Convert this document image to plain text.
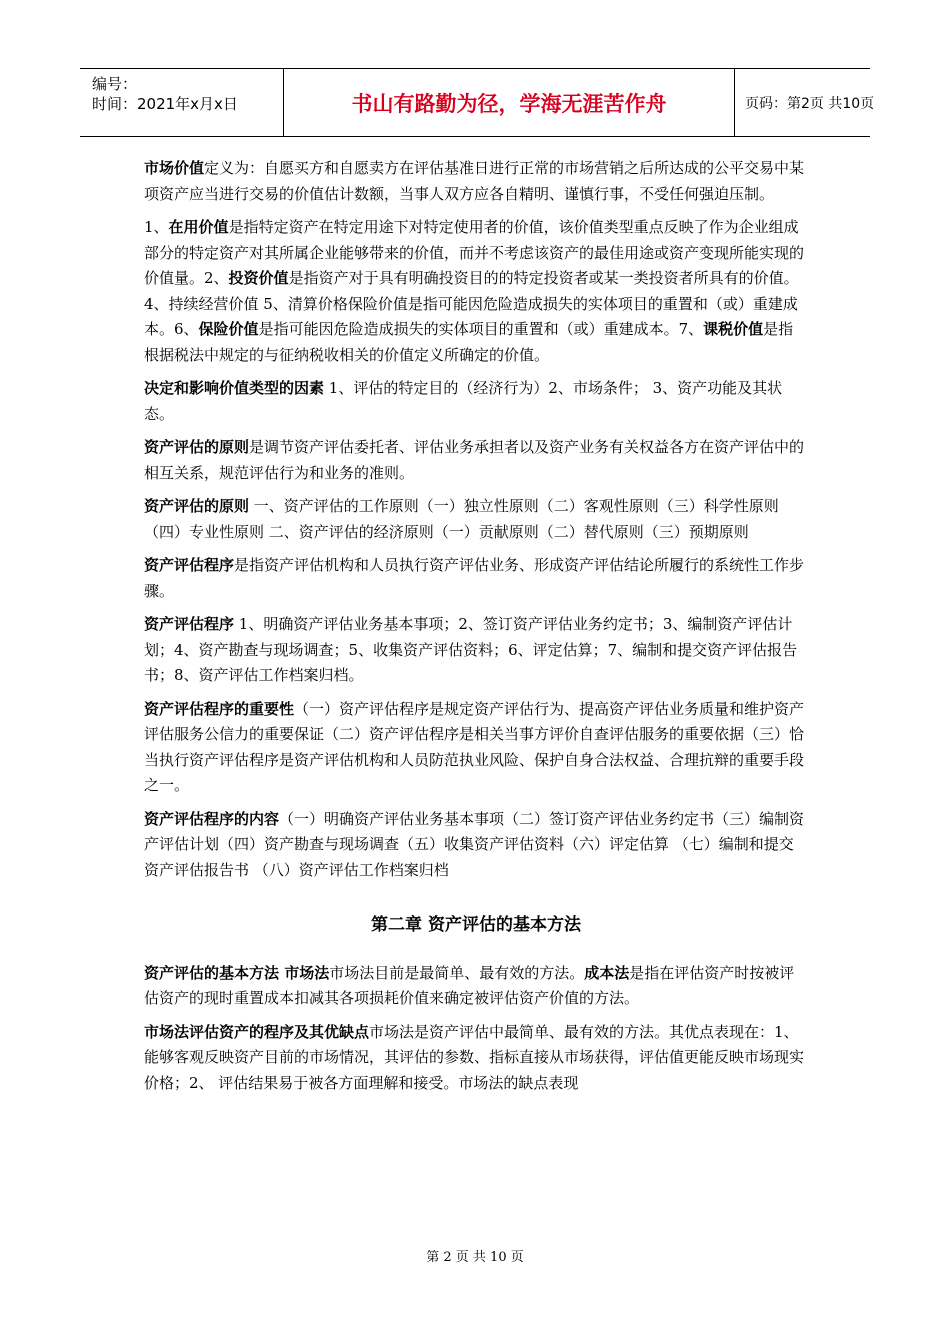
编号：
时间：2021年x月x日	书山有路勤为径，学海无涯苦作舟	页码：第2页 共10页

市场价值定义为：自愿买方和自愿卖方在评估基准日进行正常的市场营销之后所达成的公平交易中某项资产应当进行交易的价值估计数额，当事人双方应各自精明、谨慎行事，不受任何强迫压制。

1、在用价值是指特定资产在特定用途下对特定使用者的价值，该价值类型重点反映了作为企业组成部分的特定资产对其所属企业能够带来的价值，而并不考虑该资产的最佳用途或资产变现所能实现的价值量。2、投资价值是指资产对于具有明确投资目的的特定投资者或某一类投资者所具有的价值。4、持续经营价值 5、清算价格保险价值是指可能因危险造成损失的实体项目的重置和（或）重建成本。6、保险价值是指可能因危险造成损失的实体项目的重置和（或）重建成本。7、课税价值是指根据税法中规定的与征纳税收相关的价值定义所确定的价值。

决定和影响价值类型的因素 1、评估的特定目的（经济行为）2、市场条件； 3、资产功能及其状态。

资产评估的原则是调节资产评估委托者、评估业务承担者以及资产业务有关权益各方在资产评估中的相互关系，规范评估行为和业务的准则。

资产评估的原则 一、资产评估的工作原则（一）独立性原则（二）客观性原则（三）科学性原则（四）专业性原则 二、资产评估的经济原则（一）贡献原则（二）替代原则（三）预期原则

资产评估程序是指资产评估机构和人员执行资产评估业务、形成资产评估结论所履行的系统性工作步骤。

资产评估程序 1、明确资产评估业务基本事项；2、签订资产评估业务约定书；3、编制资产评估计划；4、资产勘查与现场调查；5、收集资产评估资料；6、评定估算；7、编制和提交资产评估报告书；8、资产评估工作档案归档。

资产评估程序的重要性（一）资产评估程序是规定资产评估行为、提高资产评估业务质量和维护资产评估服务公信力的重要保证（二）资产评估程序是相关当事方评价自查评估服务的重要依据（三）恰当执行资产评估程序是资产评估机构和人员防范执业风险、保护自身合法权益、合理抗辩的重要手段之一。

资产评估程序的内容（一）明确资产评估业务基本事项（二）签订资产评估业务约定书（三）编制资产评估计划（四）资产勘查与现场调查（五）收集资产评估资料（六）评定估算 （七）编制和提交资产评估报告书 （八）资产评估工作档案归档

第二章 资产评估的基本方法

资产评估的基本方法 市场法市场法目前是最简单、最有效的方法。成本法是指在评估资产时按被评估资产的现时重置成本扣减其各项损耗价值来确定被评估资产价值的方法。

市场法评估资产的程序及其优缺点市场法是资产评估中最简单、最有效的方法。其优点表现在：1、 能够客观反映资产目前的市场情况，其评估的参数、指标直接从市场获得，评估值更能反映市场现实价格；2、 评估结果易于被各方面理解和接受。市场法的缺点表现

第 2 页 共 10 页
